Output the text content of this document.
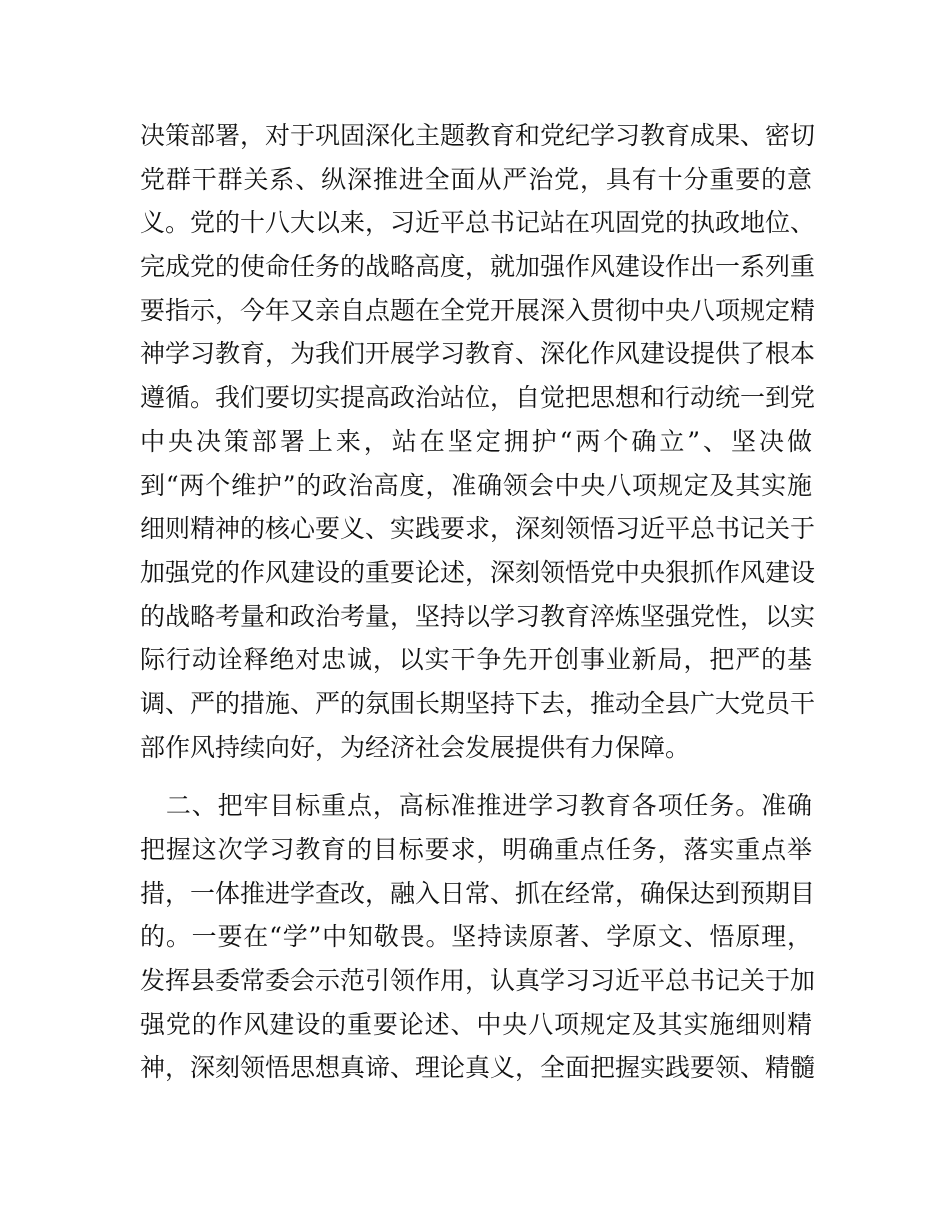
决策部署，对于巩固深化主题教育和党纪学习教育成果、密切
党群干群关系、纵深推进全面从严治党，具有十分重要的意
义。党的十八大以来，习近平总书记站在巩固党的执政地位、
完成党的使命任务的战略高度，就加强作风建设作出一系列重
要指示，今年又亲自点题在全党开展深入贯彻中央八项规定精
神学习教育，为我们开展学习教育、深化作风建设提供了根本
遵循。我们要切实提高政治站位，自觉把思想和行动统一到党
中央决策部署上来，站在坚定拥护“两个确立”、坚决做
到“两个维护”的政治高度，准确领会中央八项规定及其实施
细则精神的核心要义、实践要求，深刻领悟习近平总书记关于
加强党的作风建设的重要论述，深刻领悟党中央狠抓作风建设
的战略考量和政治考量，坚持以学习教育淬炼坚强党性，以实
际行动诠释绝对忠诚，以实干争先开创事业新局，把严的基
调、严的措施、严的氛围长期坚持下去，推动全县广大党员干
部作风持续向好，为经济社会发展提供有力保障。
　二、把牢目标重点，高标准推进学习教育各项任务。准确
把握这次学习教育的目标要求，明确重点任务，落实重点举
措，一体推进学查改，融入日常、抓在经常，确保达到预期目
的。一要在“学”中知敬畏。坚持读原著、学原文、悟原理，
发挥县委常委会示范引领作用，认真学习习近平总书记关于加
强党的作风建设的重要论述、中央八项规定及其实施细则精
神，深刻领悟思想真谛、理论真义，全面把握实践要领、精髓
